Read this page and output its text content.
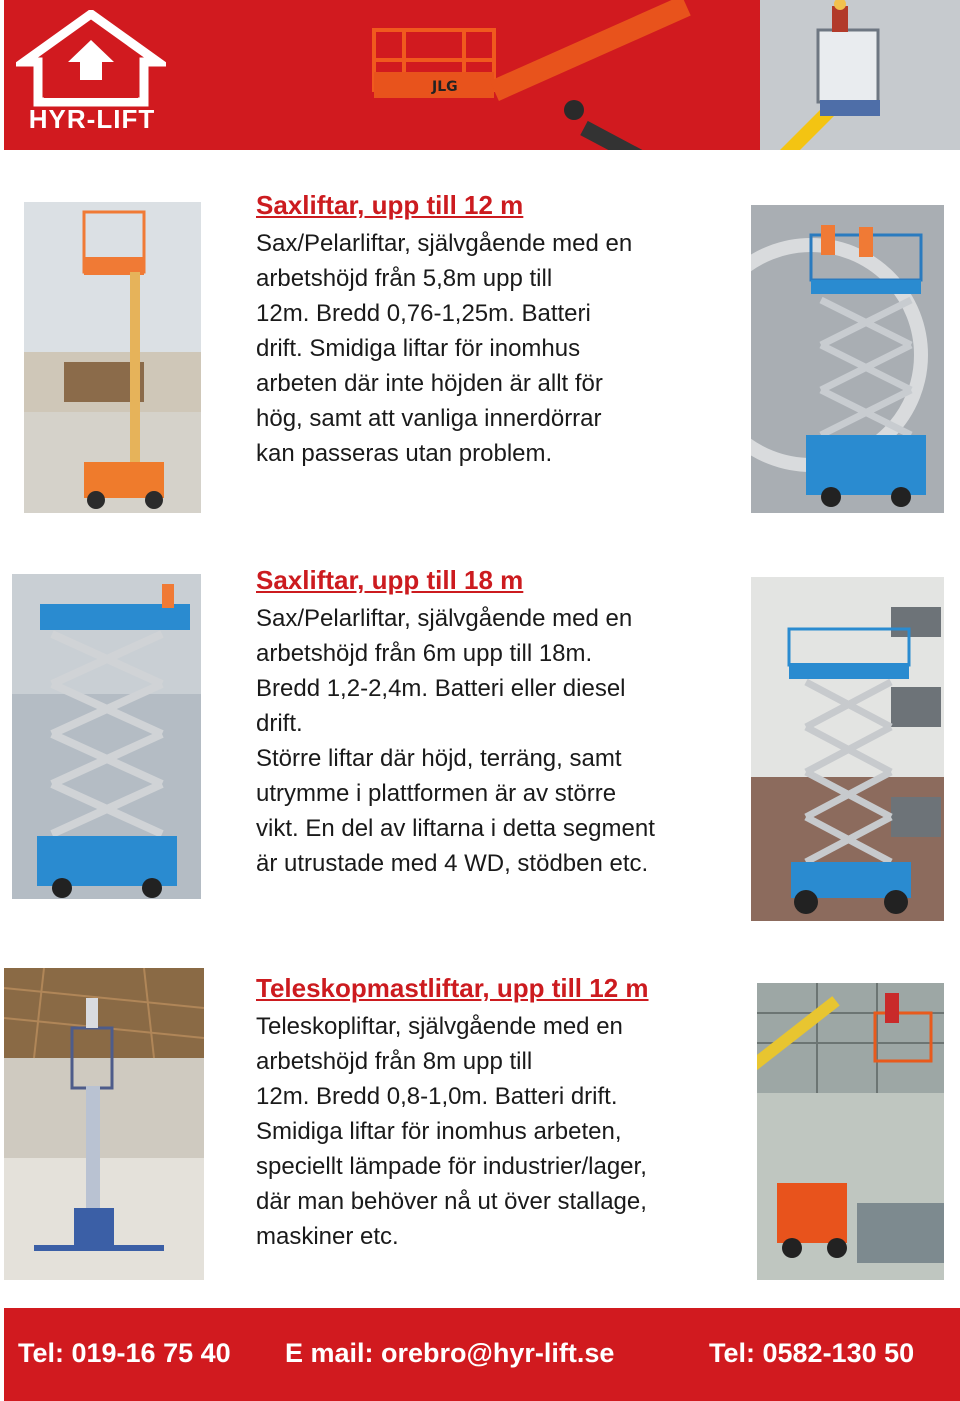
HYR-LIFT
JLG
Saxliftar, upp till 12 m

Sax/Pelarliftar, självgående med en
arbetshöjd från 5,8m upp till
12m. Bredd 0,76-1,25m. Batteri
drift. Smidiga liftar för inomhus
arbeten där inte höjden är allt för
hög, samt att vanliga innerdörrar
kan passeras utan problem.

Saxliftar, upp till 18 m

Sax/Pelarliftar, självgående med en
arbetshöjd från 6m upp till 18m.
Bredd 1,2-2,4m. Batteri eller diesel
drift.
Större liftar där höjd, terräng, samt
utrymme i plattformen är av större
vikt. En del av liftarna i detta segment
är utrustade med 4 WD, stödben etc.

Teleskopmastliftar, upp till 12 m

Teleskopliftar, självgående med en
arbetshöjd från 8m upp till
12m. Bredd 0,8-1,0m. Batteri drift.
Smidiga liftar för inomhus arbeten,
speciellt lämpade för industrier/lager,
där man behöver nå ut över stallage,
maskiner etc.

Tel: 019-16 75 40 E mail: orebro@hyr-lift.se	Tel: 0582-130 50
